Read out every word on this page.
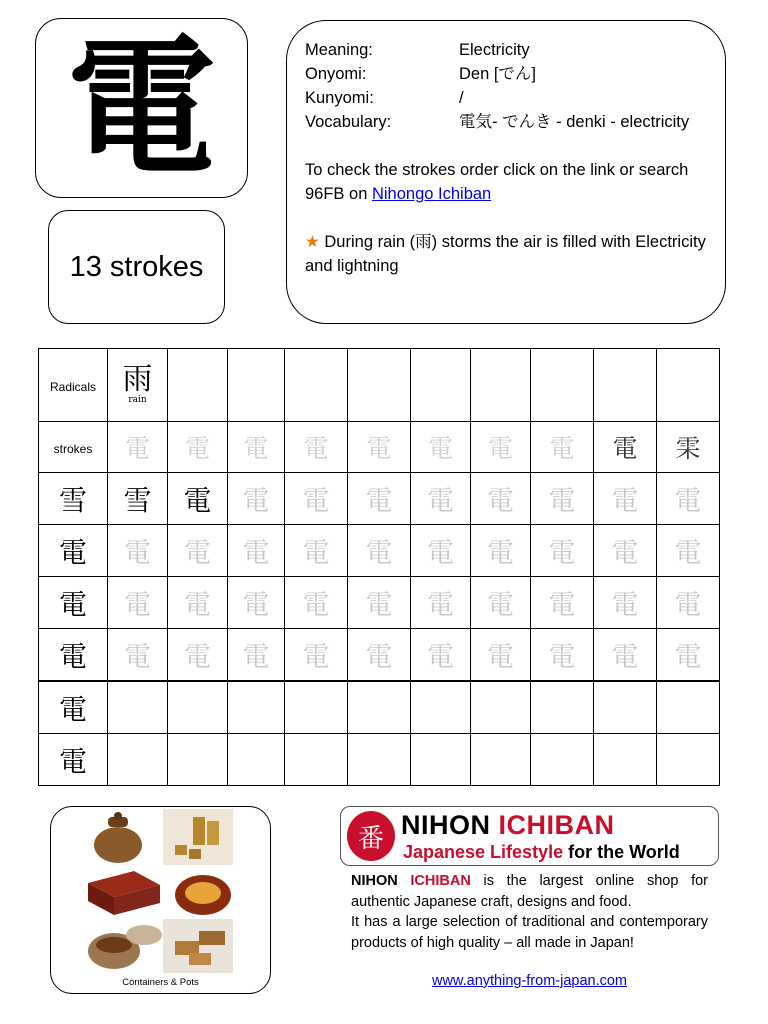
電
13 strokes
Meaning:	Electricity
Onyomi:	Den [でん]
Kunyomi:	/
Vocabulary:	電気- でんき - denki - electricity
To check the strokes order click on the link or search 96FB on Nihongo Ichiban
★ During rain (雨) storms the air is filled with Electricity and lightning
Radicals	雨
rain									

strokes	電	電	電	電	電	電	電	電	電	雬
雪	雪	電	電	電	電	電	電	電	電	電
電	電	電	電	電	電	電	電	電	電	電
電	電	電	電	電	電	電	電	電	電	電
電	電	電	電	電	電	電	電	電	電	電
電										
電										
Containers & Pots
番 NIHON ICHIBAN
Japanese Lifestyle for the World
NIHON ICHIBAN is the largest online shop for authentic Japanese craft, designs and food.
It has a large selection of traditional and contemporary products of high quality – all made in Japan!
www.anything-from-japan.com
